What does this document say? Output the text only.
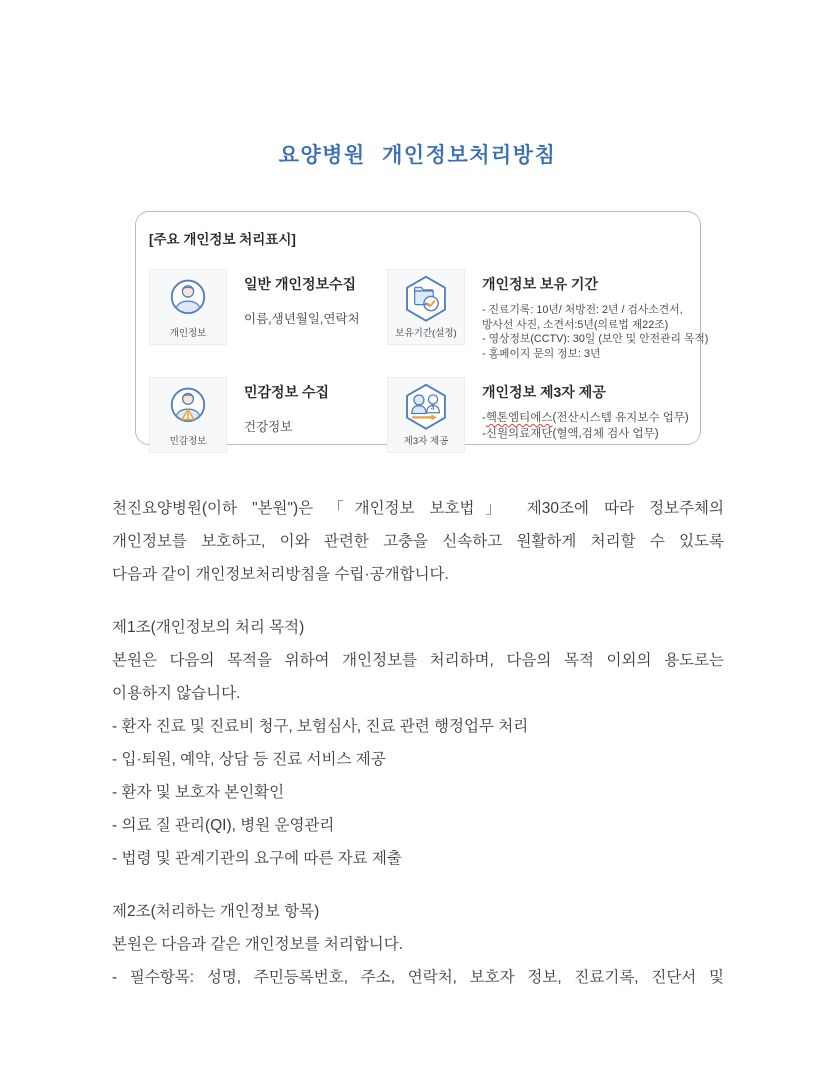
요양병원 개인정보처리방침
[주요 개인정보 처리표시]
개인정보
일반 개인정보수집
이름,생년월일,연락처
보유기간(설정)
개인정보 보유 기간
- 진료기록: 10년/ 처방전: 2년 / 검사소견서,
방사선 사진, 소견서:5년(의료법 제22조)
- 영상정보(CCTV): 30일 (보안 및 안전관리 목적)
- 홈페이지 문의 정보: 3년
민감정보
민감정보 수집
건강정보
3
제3자 제공
개인정보 제3자 제공
-헥톤엠티에스(전산시스템 유지보수 업무)
-신원의료재단(혈액,검체 검사 업무)
천진요양병원(이하 "본원")은 「개인정보 보호법」 제30조에 따라 정보주체의
개인정보를 보호하고, 이와 관련한 고충을 신속하고 원활하게 처리할 수 있도록
다음과 같이 개인정보처리방침을 수립·공개합니다.
제1조(개인정보의 처리 목적)
본원은 다음의 목적을 위하여 개인정보를 처리하며, 다음의 목적 이외의 용도로는
이용하지 않습니다.
- 환자 진료 및 진료비 청구, 보험심사, 진료 관련 행정업무 처리
- 입·퇴원, 예약, 상담 등 진료 서비스 제공
- 환자 및 보호자 본인확인
- 의료 질 관리(QI), 병원 운영관리
- 법령 및 관계기관의 요구에 따른 자료 제출
제2조(처리하는 개인정보 항목)
본원은 다음과 같은 개인정보를 처리합니다.
- 필수항목: 성명, 주민등록번호, 주소, 연락처, 보호자 정보, 진료기록, 진단서 및
